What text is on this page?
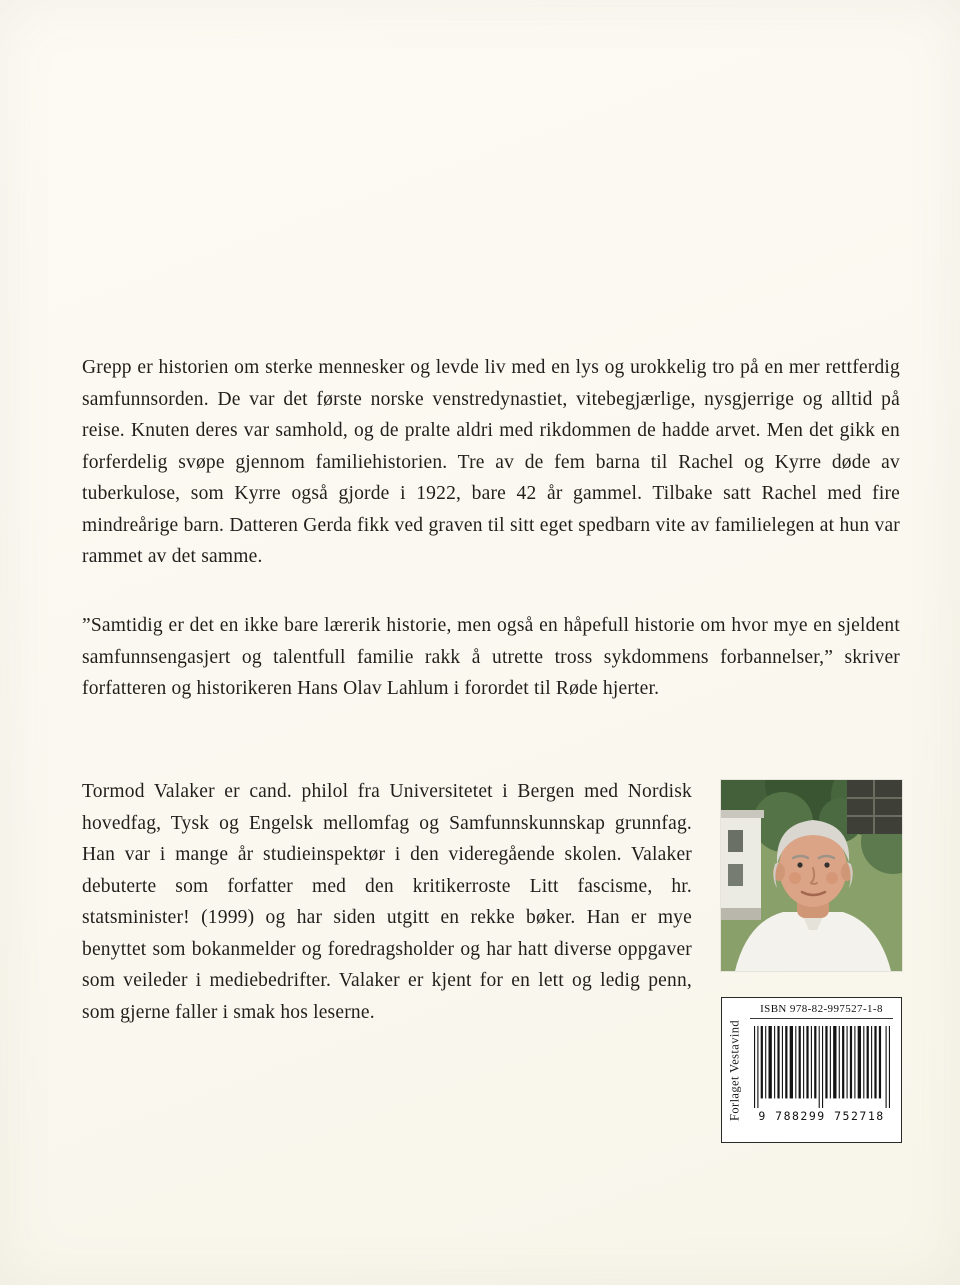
Grepp er historien om sterke mennesker og levde liv med en lys og urokkelig tro på en mer rettferdig samfunnsorden. De var det første norske venstredynastiet, vitebegjærlige, nysgjerrige og alltid på reise. Knuten deres var samhold, og de pralte aldri med rikdommen de hadde arvet. Men det gikk en forferdelig svøpe gjennom familiehistorien. Tre av de fem barna til Rachel og Kyrre døde av tuberkulose, som Kyrre også gjorde i 1922, bare 42 år gammel. Tilbake satt Rachel med fire mindreårige barn. Datteren Gerda fikk ved graven til sitt eget spedbarn vite av familielegen at hun var rammet av det samme.

”Samtidig er det en ikke bare lærerik historie, men også en håpefull historie om hvor mye en sjeldent samfunnsengasjert og talentfull familie rakk å utrette tross sykdommens forbannelser,” skriver forfatteren og historikeren Hans Olav Lahlum i forordet til Røde hjerter.

Tormod Valaker er cand. philol fra Universitetet i Bergen med Nordisk hovedfag, Tysk og Engelsk mellomfag og Samfunnskunnskap grunnfag. Han var i mange år studieinspektør i den videregående skolen. Valaker debuterte som forfatter med den kritikerroste Litt fascisme, hr. statsminister! (1999) og har siden utgitt en rekke bøker. Han er mye benyttet som bokanmelder og foredragsholder og har hatt diverse oppgaver som veileder i mediebedrifter. Valaker er kjent for en lett og ledig penn, som gjerne faller i smak hos leserne.

Forlaget Vestavind
ISBN 978-82-997527-1-8
9 788299 752718
